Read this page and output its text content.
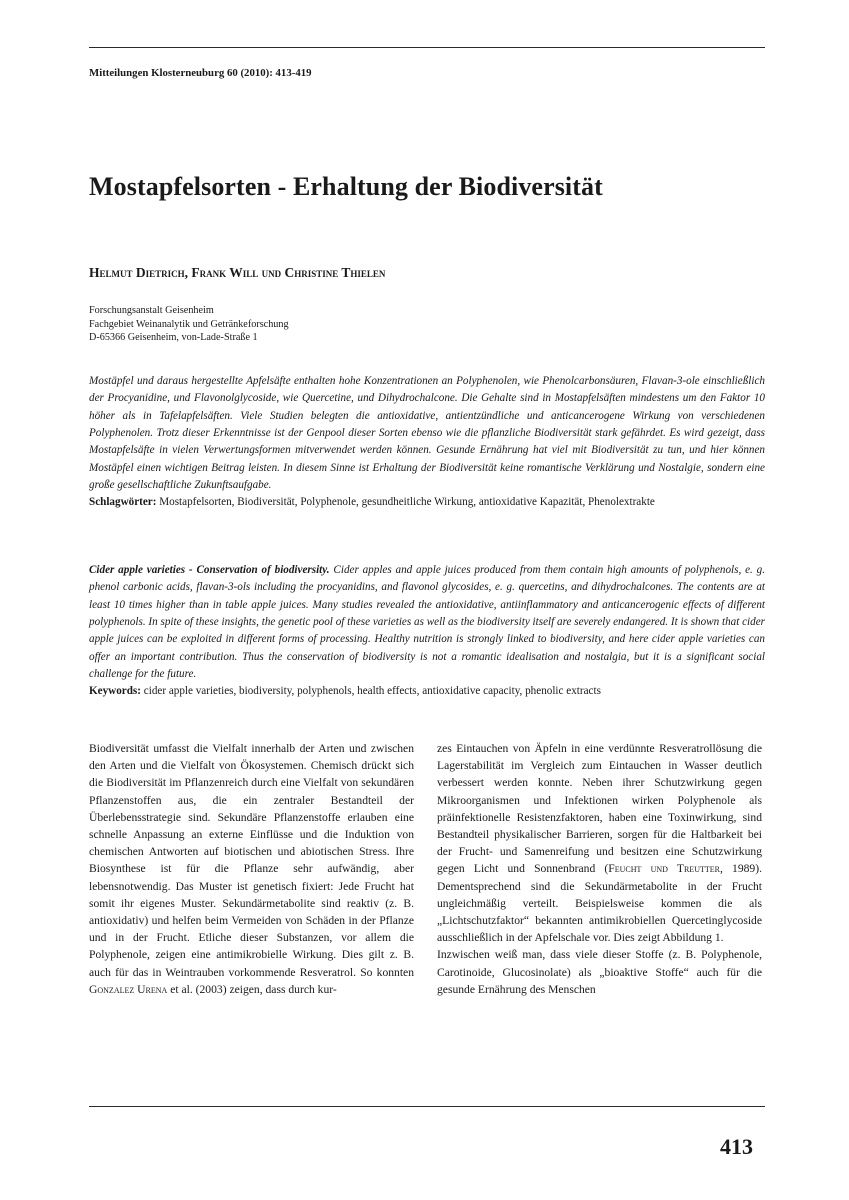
Mitteilungen Klosterneuburg 60 (2010): 413-419
Mostapfelsorten - Erhaltung der Biodiversität
Helmut Dietrich, Frank Will und Christine Thielen
Forschungsanstalt Geisenheim
Fachgebiet Weinanalytik und Getränkeforschung
D-65366 Geisenheim, von-Lade-Straße 1
Mostäpfel und daraus hergestellte Apfelsäfte enthalten hohe Konzentrationen an Polyphenolen, wie Phenolcarbonsäuren, Flavan-3-ole einschließlich der Procyanidine, und Flavonolglycoside, wie Quercetine, und Dihydrochalcone. Die Gehalte sind in Mostapfelsäften mindestens um den Faktor 10 höher als in Tafelapfelsäften. Viele Studien belegten die antioxidative, antientzündliche und anticancerogene Wirkung von verschiedenen Polyphenolen. Trotz dieser Erkenntnisse ist der Genpool dieser Sorten ebenso wie die pflanzliche Biodiversität stark gefährdet. Es wird gezeigt, dass Mostapfelsäfte in vielen Verwertungsformen mitverwendet werden können. Gesunde Ernährung hat viel mit Biodiversität zu tun, und hier können Mostäpfel einen wichtigen Beitrag leisten. In diesem Sinne ist Erhaltung der Biodiversität keine romantische Verklärung und Nostalgie, sondern eine große gesellschaftliche Zukunftsaufgabe.
Schlagwörter: Mostapfelsorten, Biodiversität, Polyphenole, gesundheitliche Wirkung, antioxidative Kapazität, Phenolextrakte
Cider apple varieties - Conservation of biodiversity. Cider apples and apple juices produced from them contain high amounts of polyphenols, e. g. phenol carbonic acids, flavan-3-ols including the procyanidins, and flavonol glycosides, e. g. quercetins, and dihydrochalcones. The contents are at least 10 times higher than in table apple juices. Many studies revealed the antioxidative, antiinflammatory and anticancerogenic effects of different polyphenols. In spite of these insights, the genetic pool of these varieties as well as the biodiversity itself are severely endangered. It is shown that cider apple juices can be exploited in different forms of processing. Healthy nutrition is strongly linked to biodiversity, and here cider apple varieties can offer an important contribution. Thus the conservation of biodiversity is not a romantic idealisation and nostalgia, but it is a significant social challenge for the future.
Keywords: cider apple varieties, biodiversity, polyphenols, health effects, antioxidative capacity, phenolic extracts

Biodiversität umfasst die Vielfalt innerhalb der Arten und zwischen den Arten und die Vielfalt von Ökosystemen. Chemisch drückt sich die Biodiversität im Pflanzenreich durch eine Vielfalt von sekundären Pflanzenstoffen aus, die ein zentraler Bestandteil der Überlebensstrategie sind. Sekundäre Pflanzenstoffe erlauben eine schnelle Anpassung an externe Einflüsse und die Induktion von chemischen Antworten auf biotischen und abiotischen Stress. Ihre Biosynthese ist für die Pflanze sehr aufwändig, aber lebensnotwendig. Das Muster ist genetisch fixiert: Jede Frucht hat somit ihr eigenes Muster. Sekundärmetabolite sind reaktiv (z. B. antioxidativ) und helfen beim Vermeiden von Schäden in der Pflanze und in der Frucht. Etliche dieser Substanzen, vor allem die Polyphenole, zeigen eine antimikrobielle Wirkung. Dies gilt z. B. auch für das in Weintrauben vorkommende Resveratrol. So konnten Gonzalez Urena et al. (2003) zeigen, dass durch kur-

zes Eintauchen von Äpfeln in eine verdünnte Resveratrollösung die Lagerstabilität im Vergleich zum Eintauchen in Wasser deutlich verbessert werden konnte. Neben ihrer Schutzwirkung gegen Mikroorganismen und Infektionen wirken Polyphenole als präinfektionelle Resistenzfaktoren, haben eine Toxinwirkung, sind Bestandteil physikalischer Barrieren, sorgen für die Haltbarkeit bei der Frucht- und Samenreifung und besitzen eine Schutzwirkung gegen Licht und Sonnenbrand (Feucht und Treutter, 1989). Dementsprechend sind die Sekundärmetabolite in der Frucht ungleichmäßig verteilt. Beispielsweise kommen die als „Lichtschutzfaktor“ bekannten antimikrobiellen Quercetinglycoside ausschließlich in der Apfelschale vor. Dies zeigt Abbildung 1.

Inzwischen weiß man, dass viele dieser Stoffe (z. B. Polyphenole, Carotinoide, Glucosinolate) als „bioaktive Stoffe“ auch für die gesunde Ernährung des Menschen

413
